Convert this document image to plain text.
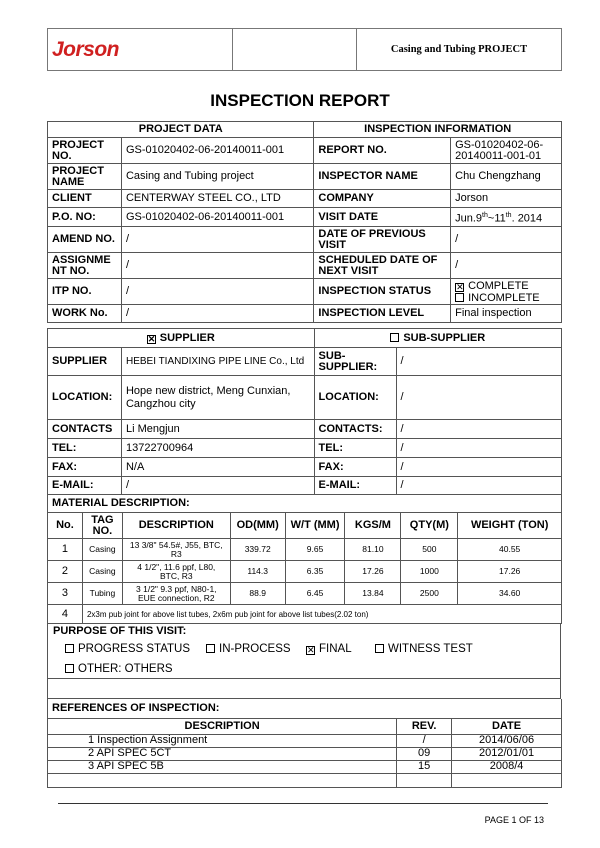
Jorson		Casing and Tubing PROJECT
INSPECTION REPORT
PROJECT DATA		INSPECTION INFORMATION	
PROJECT NO.	GS-01020402-06-20140011-001	REPORT NO.	GS-01020402-06-20140011-001-01
PROJECT NAME	Casing and Tubing project	INSPECTOR NAME	Chu Chengzhang
CLIENT	CENTERWAY STEEL CO., LTD	COMPANY	Jorson
P.O. NO:	GS-01020402-06-20140011-001	VISIT DATE	Jun.9th~11th. 2014
AMEND NO.	/	DATE OF PREVIOUS VISIT	/
ASSIGNMENT NO.	/	SCHEDULED DATE OF NEXT VISIT	/
ITP NO.	/	INSPECTION STATUS	✕ COMPLETE
INCOMPLETE

WORK No.	/	INSPECTION LEVEL	Final inspection
✕ SUPPLIER		SUB-SUPPLIER	
SUPPLIER	HEBEI TIANDIXING PIPE LINE Co., Ltd	SUB-SUPPLIER:	/
LOCATION:	Hope new district, Meng Cunxian, Cangzhou city	LOCATION:	/
CONTACTS	Li Mengjun	CONTACTS:	/
TEL:	13722700964	TEL:	/
FAX:	N/A	FAX:	/
E-MAIL:	/	E-MAIL:	/
MATERIAL DESCRIPTION:							
No.	TAG NO.	DESCRIPTION	OD(MM)	W/T (MM)	KGS/M	QTY(M)	WEIGHT (TON)
1	Casing	13 3/8" 54.5#, J55, BTC, R3	339.72	9.65	81.10	500	40.55
2	Casing	4 1/2", 11.6 ppf, L80, BTC, R3	114.3	6.35	17.26	1000	17.26
3	Tubing	3 1/2" 9.3 ppf, N80-1, EUE connection, R2	88.9	6.45	13.84	2500	34.60
4	2x3m pub joint for above list tubes, 2x6m pub joint for above list tubes(2.02 ton)						
PURPOSE OF THIS VISIT:
PROGRESS STATUS	IN-PROCESS ✕ FINAL	WITNESS TEST
OTHER: OTHERS
REFERENCES OF INSPECTION:		
DESCRIPTION	REV.	DATE
1 Inspection Assignment	/	2014/06/06
2 API SPEC 5CT	09	2012/01/01
3 API SPEC 5B	15	2008/4

PAGE 1 OF 13
